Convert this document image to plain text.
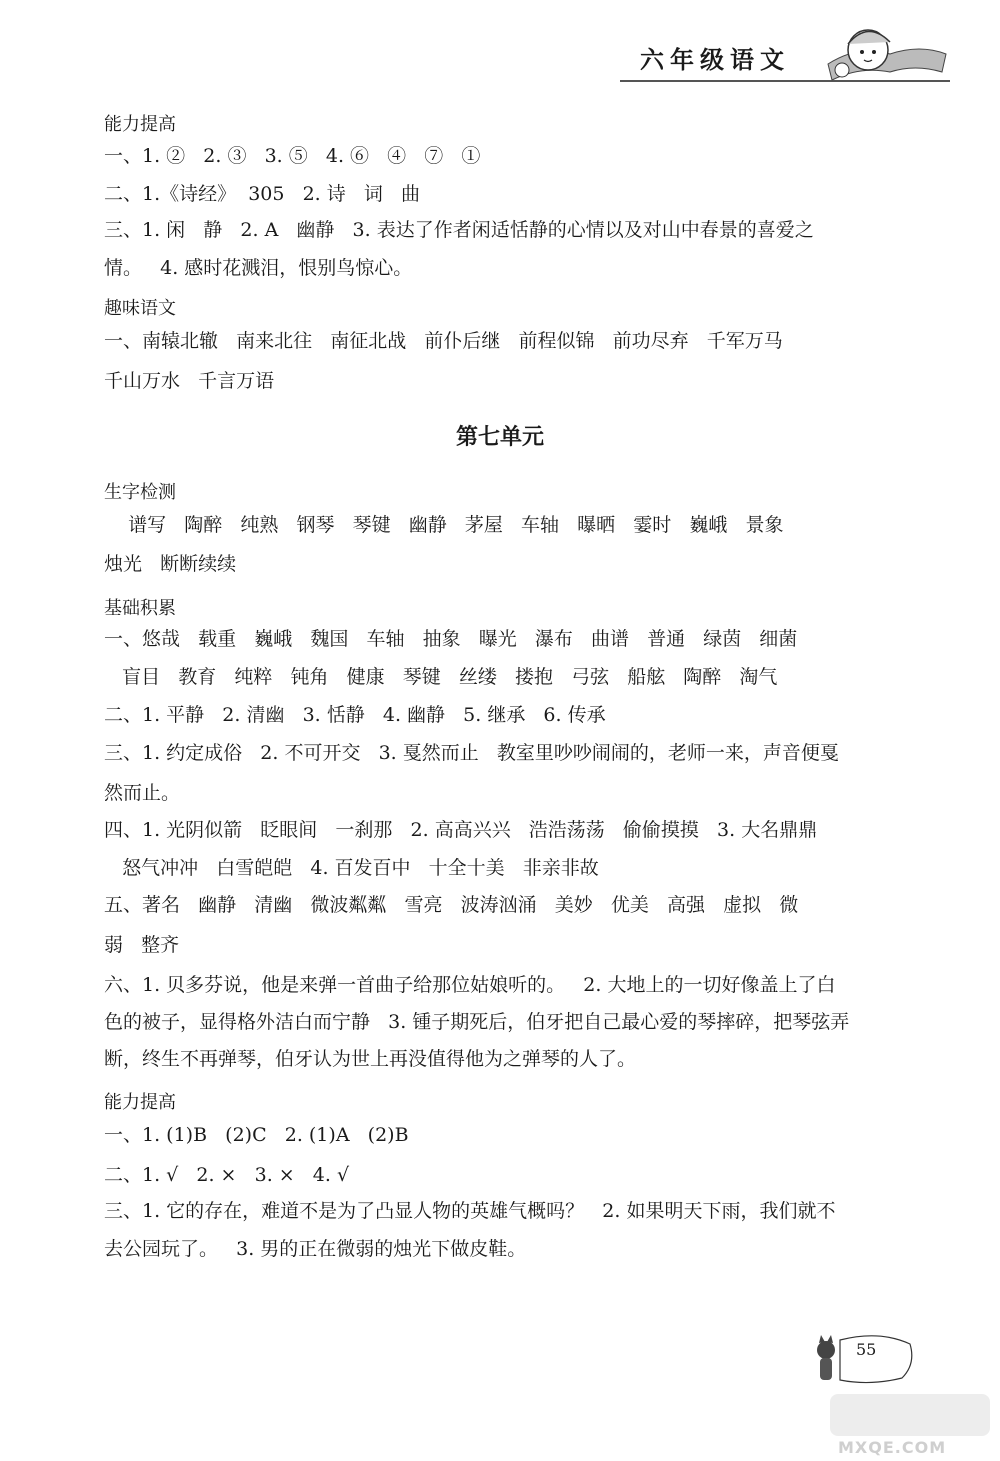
六年级语文
能力提高
一、1. ②   2. ③   3. ⑤   4. ⑥   ④   ⑦   ①
二、1.《诗经》  305   2. 诗   词   曲
三、1. 闲   静   2. A   幽静   3. 表达了作者闲适恬静的心情以及对山中春景的喜爱之
情。   4. 感时花溅泪，恨别鸟惊心。
趣味语文
一、南辕北辙   南来北往   南征北战   前仆后继   前程似锦   前功尽弃   千军万马
千山万水   千言万语
第七单元
生字检测
谱写   陶醉   纯熟   钢琴   琴键   幽静   茅屋   车轴   曝晒   霎时   巍峨   景象
烛光   断断续续
基础积累
一、悠哉   载重   巍峨   魏国   车轴   抽象   曝光   瀑布   曲谱   普通   绿茵   细菌
盲目   教育   纯粹   钝角   健康   琴键   丝缕   搂抱   弓弦   船舷   陶醉   淘气
二、1. 平静   2. 清幽   3. 恬静   4. 幽静   5. 继承   6. 传承
三、1. 约定成俗   2. 不可开交   3. 戛然而止   教室里吵吵闹闹的，老师一来，声音便戛
然而止。
四、1. 光阴似箭   眨眼间   一刹那   2. 高高兴兴   浩浩荡荡   偷偷摸摸   3. 大名鼎鼎
怒气冲冲   白雪皑皑   4. 百发百中   十全十美   非亲非故
五、著名   幽静   清幽   微波粼粼   雪亮   波涛汹涌   美妙   优美   高强   虚拟   微
弱   整齐
六、1. 贝多芬说，他是来弹一首曲子给那位姑娘听的。   2. 大地上的一切好像盖上了白
色的被子，显得格外洁白而宁静   3. 锺子期死后，伯牙把自己最心爱的琴摔碎，把琴弦弄
断，终生不再弹琴，伯牙认为世上再没值得他为之弹琴的人了。
能力提高
一、1. (1)B   (2)C   2. (1)A   (2)B
二、1. √   2. ×   3. ×   4. √
三、1. 它的存在，难道不是为了凸显人物的英雄气概吗？   2. 如果明天下雨，我们就不
去公园玩了。   3. 男的正在微弱的烛光下做皮鞋。
55
MXQE.COM
